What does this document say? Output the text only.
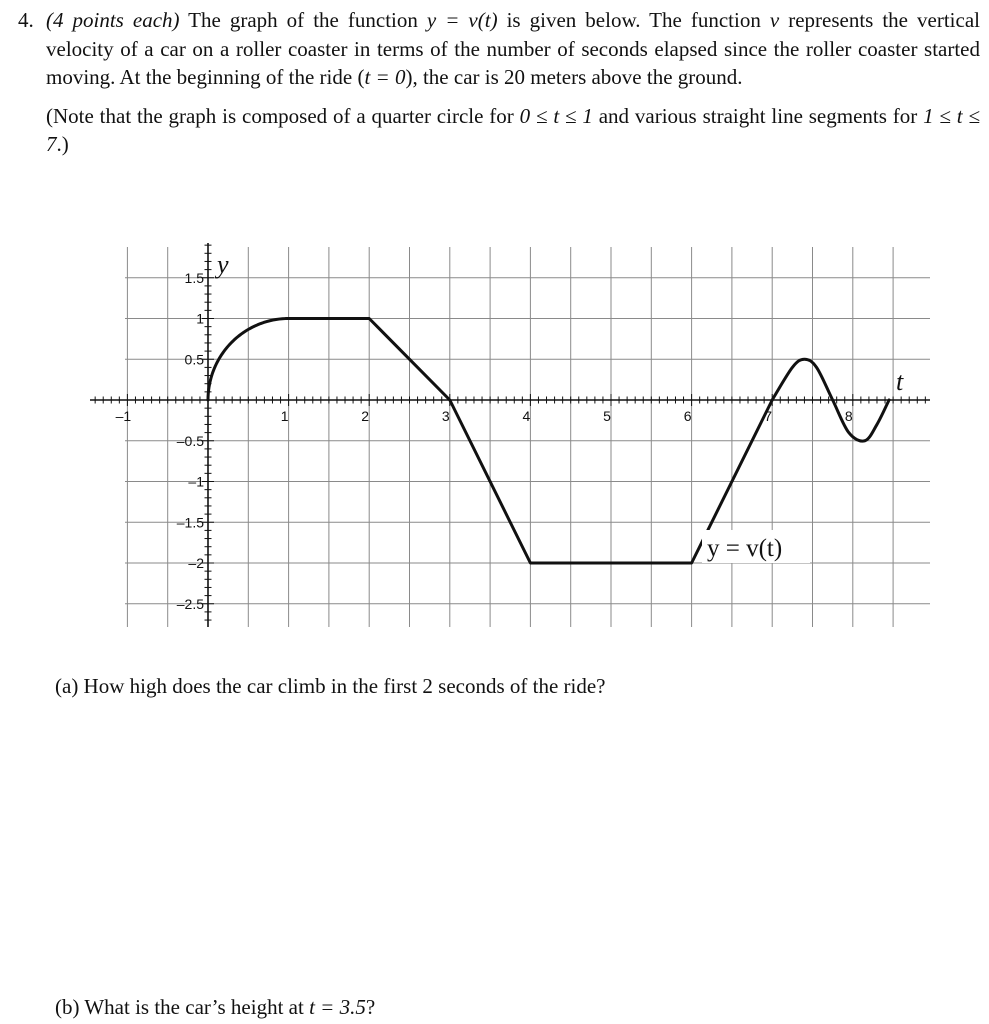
4. (4 points each) The graph of the function y = v(t) is given below. The function v represents the vertical velocity of a car on a roller coaster in terms of the number of seconds elapsed since the roller coaster started moving. At the beginning of the ride (t = 0), the car is 20 meters above the ground.
(Note that the graph is composed of a quarter circle for 0 ≤ t ≤ 1 and various straight line segments for 1 ≤ t ≤ 7.)
–1	1	2	3	4	5	6	7	8
1.5
1
0.5
–0.5
–1
–1.5
–2
–2.5
y
t
y = v(t)
(a) How high does the car climb in the first 2 seconds of the ride?
(b) What is the car’s height at t = 3.5?
